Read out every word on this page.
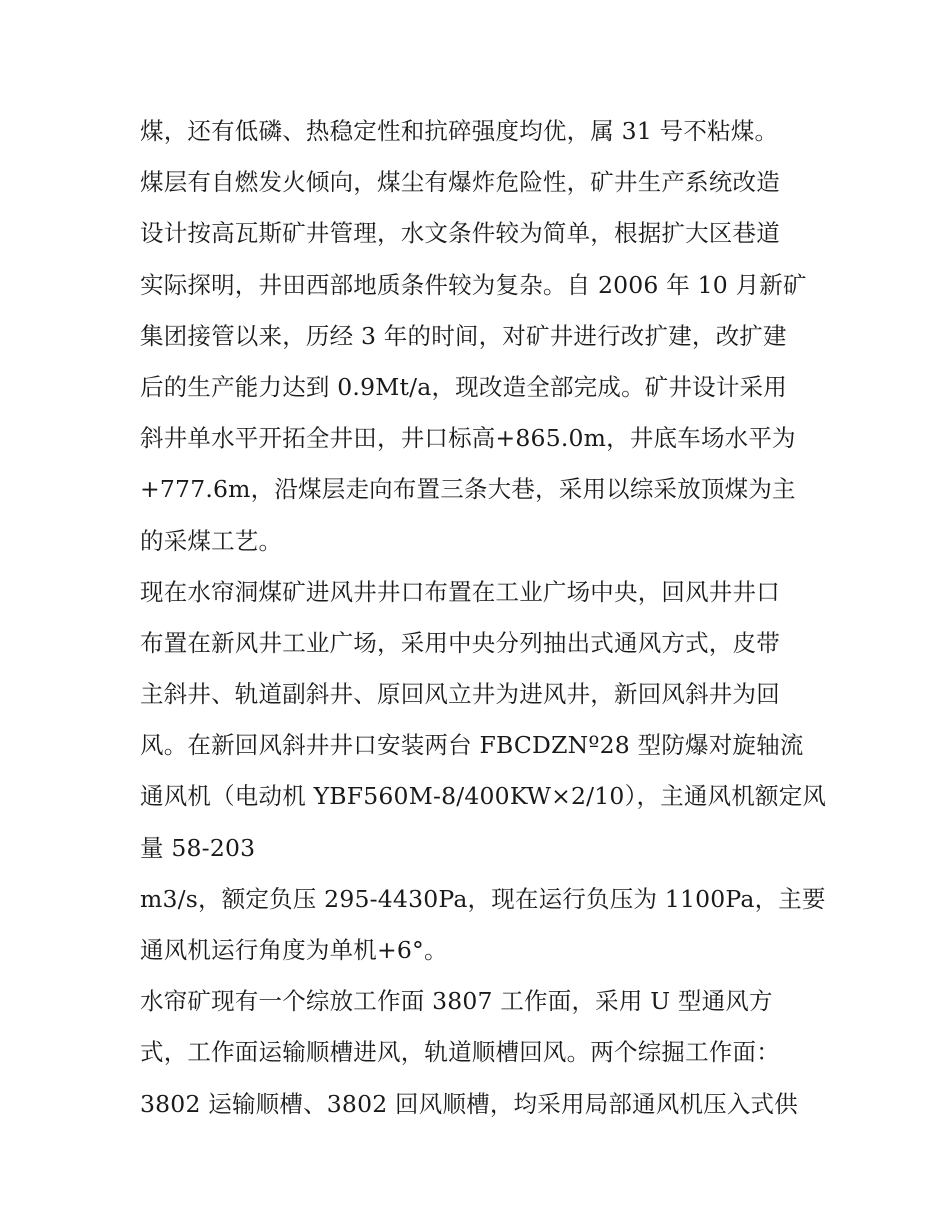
煤，还有低磷、热稳定性和抗碎强度均优，属 31 号不粘煤。
煤层有自燃发火倾向，煤尘有爆炸危险性，矿井生产系统改造
设计按高瓦斯矿井管理，水文条件较为简单，根据扩大区巷道
实际探明，井田西部地质条件较为复杂。自 2006 年 10 月新矿
集团接管以来，历经 3 年的时间，对矿井进行改扩建，改扩建
后的生产能力达到 0.9Mt/a，现改造全部完成。矿井设计采用
斜井单水平开拓全井田，井口标高+865.0m，井底车场水平为
+777.6m，沿煤层走向布置三条大巷，采用以综采放顶煤为主
的采煤工艺。
现在水帘洞煤矿进风井井口布置在工业广场中央，回风井井口
布置在新风井工业广场，采用中央分列抽出式通风方式，皮带
主斜井、轨道副斜井、原回风立井为进风井，新回风斜井为回
风。在新回风斜井井口安装两台 FBCDZNº28 型防爆对旋轴流
通风机（电动机 YBF560M-8/400KW×2/10），主通风机额定风
量 58-203
m3/s，额定负压 295-4430Pa，现在运行负压为 1100Pa，主要
通风机运行角度为单机+6°。
水帘矿现有一个综放工作面 3807 工作面，采用 U 型通风方
式，工作面运输顺槽进风，轨道顺槽回风。两个综掘工作面：
3802 运输顺槽、3802 回风顺槽，均采用局部通风机压入式供
